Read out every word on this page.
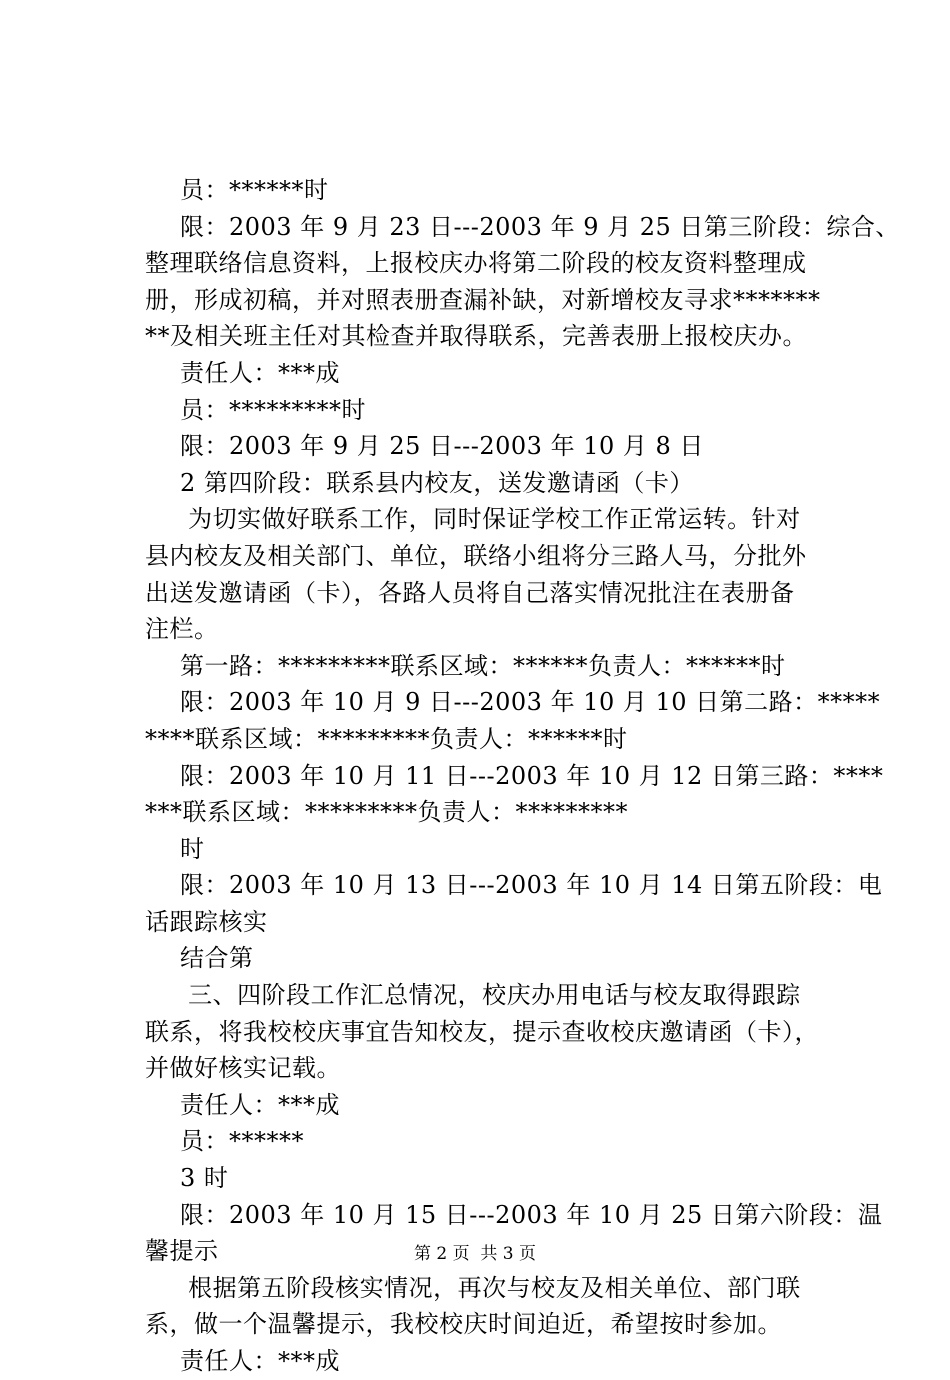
员：******时
限：2003 年 9 月 23 日---2003 年 9 月 25 日第三阶段：综合、
整理联络信息资料，上报校庆办将第二阶段的校友资料整理成
册，形成初稿，并对照表册查漏补缺，对新增校友寻求*******
**及相关班主任对其检查并取得联系，完善表册上报校庆办。
责任人：***成
员：*********时
限：2003 年 9 月 25 日---2003 年 10 月 8 日
2 第四阶段：联系县内校友，送发邀请函（卡）
为切实做好联系工作，同时保证学校工作正常运转。针对
县内校友及相关部门、单位，联络小组将分三路人马，分批外
出送发邀请函（卡），各路人员将自己落实情况批注在表册备
注栏。
第一路：*********联系区域：******负责人：******时
限：2003 年 10 月 9 日---2003 年 10 月 10 日第二路：*****
****联系区域：*********负责人：******时
限：2003 年 10 月 11 日---2003 年 10 月 12 日第三路：****
***联系区域：*********负责人：*********
时
限：2003 年 10 月 13 日---2003 年 10 月 14 日第五阶段：电
话跟踪核实
结合第
三、四阶段工作汇总情况，校庆办用电话与校友取得跟踪
联系，将我校校庆事宜告知校友，提示查收校庆邀请函（卡），
并做好核实记载。
责任人：***成
员：******
3 时
限：2003 年 10 月 15 日---2003 年 10 月 25 日第六阶段：温
馨提示
根据第五阶段核实情况，再次与校友及相关单位、部门联
系，做一个温馨提示，我校校庆时间迫近，希望按时参加。
责任人：***成
第 2 页  共 3 页
